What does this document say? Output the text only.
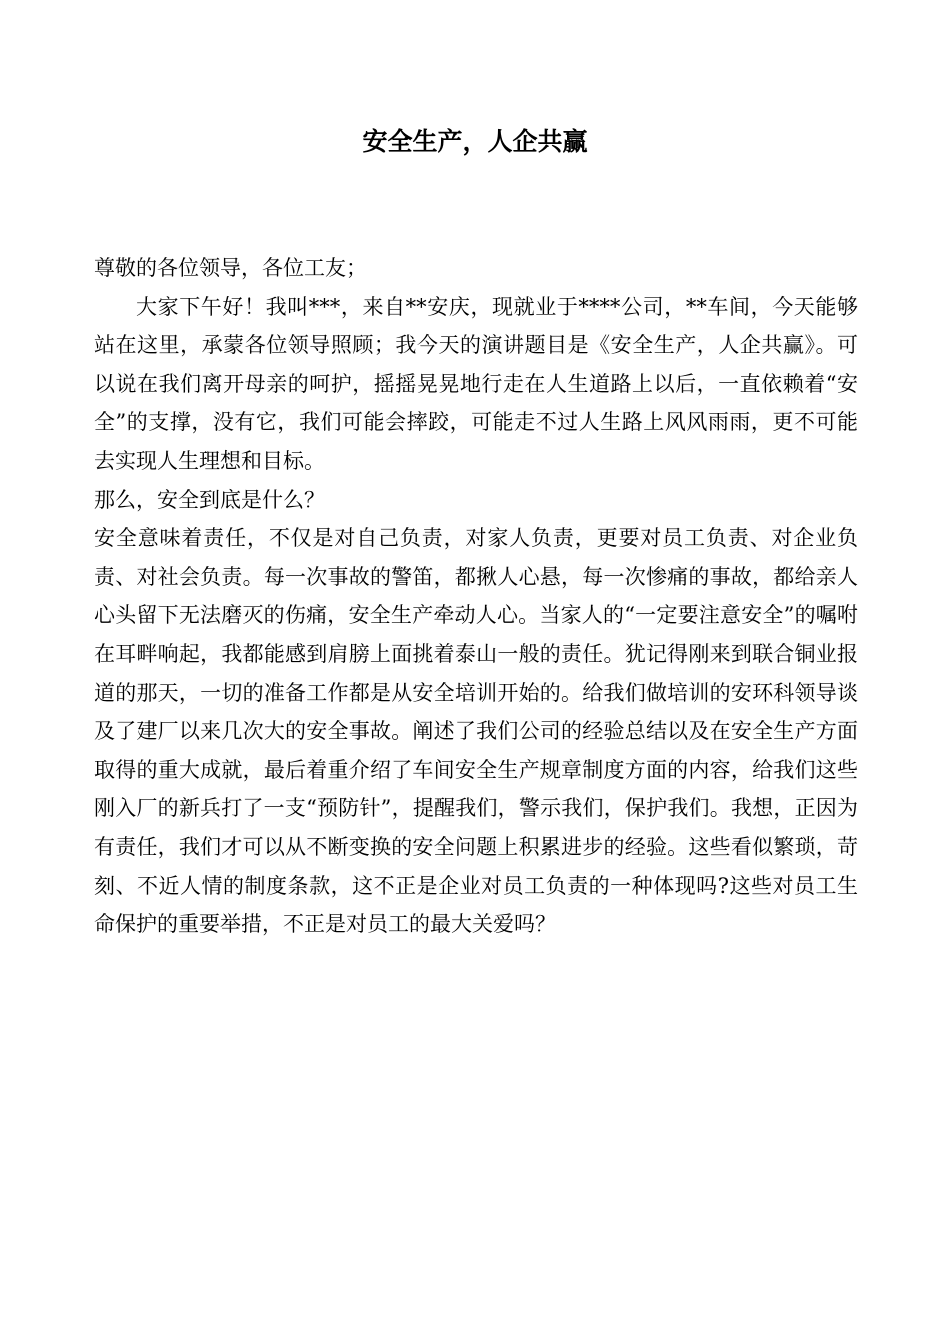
安全生产，人企共赢

尊敬的各位领导，各位工友；

大家下午好！我叫***，来自**安庆，现就业于****公司，**车间，今天能够站在这里，承蒙各位领导照顾；我今天的演讲题目是《安全生产，人企共赢》。可以说在我们离开母亲的呵护，摇摇晃晃地行走在人生道路上以后，一直依赖着“安全”的支撑，没有它，我们可能会摔跤，可能走不过人生路上风风雨雨，更不可能去实现人生理想和目标。

那么，安全到底是什么？

安全意味着责任，不仅是对自己负责，对家人负责，更要对员工负责、对企业负责、对社会负责。每一次事故的警笛，都揪人心悬，每一次惨痛的事故，都给亲人心头留下无法磨灭的伤痛，安全生产牵动人心。当家人的“一定要注意安全”的嘱咐在耳畔响起，我都能感到肩膀上面挑着泰山一般的责任。犹记得刚来到联合铜业报道的那天，一切的准备工作都是从安全培训开始的。给我们做培训的安环科领导谈及了建厂以来几次大的安全事故。阐述了我们公司的经验总结以及在安全生产方面取得的重大成就，最后着重介绍了车间安全生产规章制度方面的内容，给我们这些刚入厂的新兵打了一支“预防针”，提醒我们，警示我们，保护我们。我想，正因为有责任，我们才可以从不断变换的安全问题上积累进步的经验。这些看似繁琐，苛刻、不近人情的制度条款，这不正是企业对员工负责的一种体现吗?这些对员工生命保护的重要举措，不正是对员工的最大关爱吗？
